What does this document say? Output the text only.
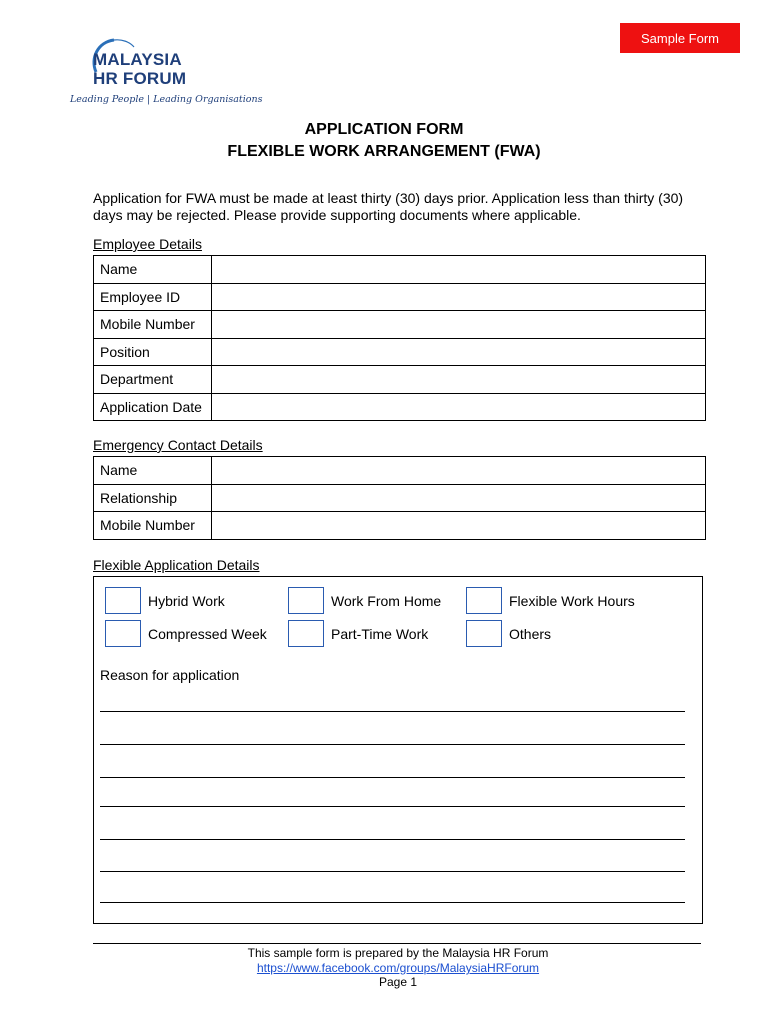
Sample Form
MALAYSIA
HR FORUM
Leading People | Leading Organisations
APPLICATION FORM
FLEXIBLE WORK ARRANGEMENT (FWA)
Application for FWA must be made at least thirty (30) days prior. Application less than thirty (30) days may be rejected. Please provide supporting documents where applicable.
Employee Details
Name	
Employee ID	
Mobile Number	
Position	
Department	
Application Date	
Emergency Contact Details
Name	
Relationship	
Mobile Number	
Flexible Application Details
Hybrid Work	Work From Home	Flexible Work Hours
Compressed Week	Part-Time Work	Others
Reason for application
This sample form is prepared by the Malaysia HR Forum
https://www.facebook.com/groups/MalaysiaHRForum
Page 1
